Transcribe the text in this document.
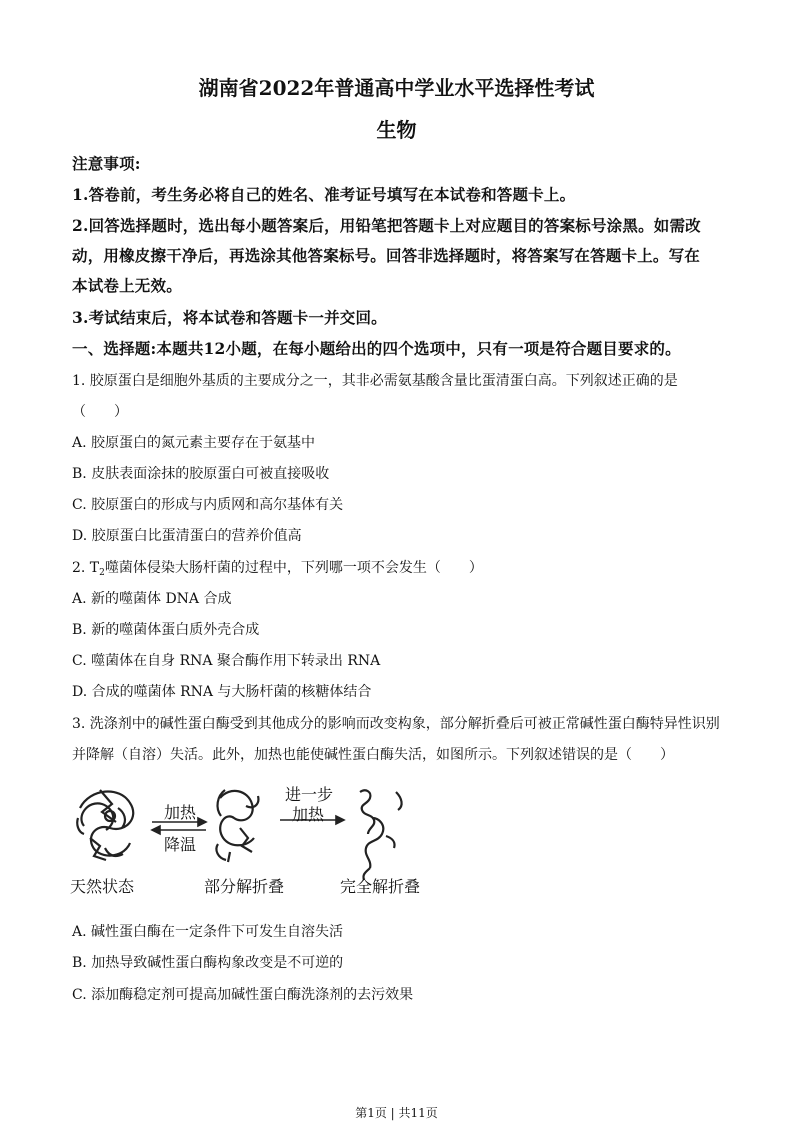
湖南省2022年普通高中学业水平选择性考试
生物
注意事项:
1.答卷前，考生务必将自己的姓名、准考证号填写在本试卷和答题卡上。
2.回答选择题时，选出每小题答案后，用铅笔把答题卡上对应题目的答案标号涂黑。如需改
动，用橡皮擦干净后，再选涂其他答案标号。回答非选择题时，将答案写在答题卡上。写在
本试卷上无效。
3.考试结束后，将本试卷和答题卡一并交回。
一、选择题:本题共12小题，在每小题给出的四个选项中，只有一项是符合题目要求的。
1. 胶原蛋白是细胞外基质的主要成分之一，其非必需氨基酸含量比蛋清蛋白高。下列叙述正确的是
（　　）
A. 胶原蛋白的氮元素主要存在于氨基中
B. 皮肤表面涂抹的胶原蛋白可被直接吸收
C. 胶原蛋白的形成与内质网和高尔基体有关
D. 胶原蛋白比蛋清蛋白的营养价值高
2. $T_2$噬菌体侵染大肠杆菌的过程中，下列哪一项不会发生（　　）
A. 新的噬菌体 DNA 合成
B. 新的噬菌体蛋白质外壳合成
C. 噬菌体在自身 RNA 聚合酶作用下转录出 RNA
D. 合成的噬菌体 RNA 与大肠杆菌的核糖体结合
3. 洗涤剂中的碱性蛋白酶受到其他成分的影响而改变构象，部分解折叠后可被正常碱性蛋白酶特异性识别
并降解（自溶）失活。此外，加热也能使碱性蛋白酶失活，如图所示。下列叙述错误的是（　　）
加热
降温
进一步
加热
天然状态	部分解折叠	完全解折叠
A. 碱性蛋白酶在一定条件下可发生自溶失活
B. 加热导致碱性蛋白酶构象改变是不可逆的
C. 添加酶稳定剂可提高加碱性蛋白酶洗涤剂的去污效果
第1页 | 共11页
